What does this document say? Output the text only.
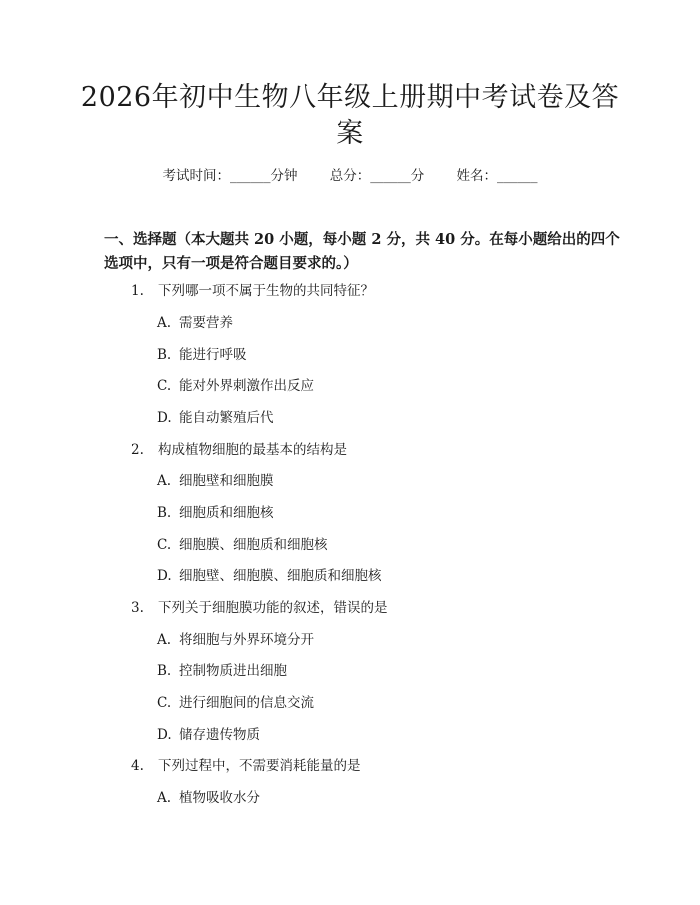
2026年初中生物八年级上册期中考试卷及答案
考试时间：______分钟 总分：______分 姓名：______

一、选择题（本大题共 20 小题，每小题 2 分，共 40 分。在每小题给出的四个选项中，只有一项是符合题目要求的。）

1. 下列哪一项不属于生物的共同特征？
A. 需要营养
B. 能进行呼吸
C. 能对外界刺激作出反应
D. 能自动繁殖后代
2. 构成植物细胞的最基本的结构是
A. 细胞壁和细胞膜
B. 细胞质和细胞核
C. 细胞膜、细胞质和细胞核
D. 细胞壁、细胞膜、细胞质和细胞核
3. 下列关于细胞膜功能的叙述，错误的是
A. 将细胞与外界环境分开
B. 控制物质进出细胞
C. 进行细胞间的信息交流
D. 储存遗传物质
4. 下列过程中，不需要消耗能量的是
A. 植物吸收水分
